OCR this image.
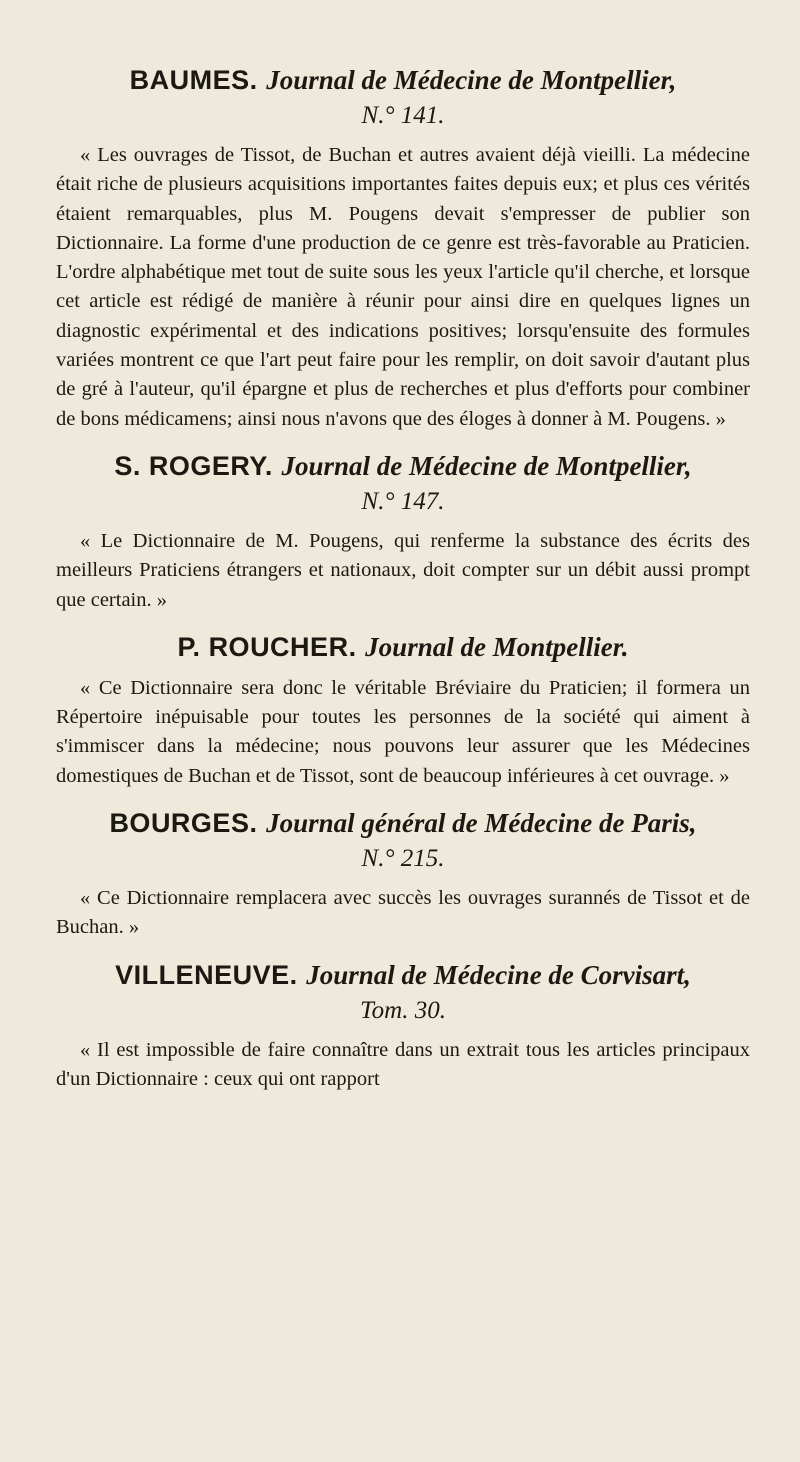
BAUMES. Journal de Médecine de Montpellier,

N.° 141.

« Les ouvrages de Tissot, de Buchan et autres avaient déjà vieilli. La médecine était riche de plusieurs acquisitions importantes faites depuis eux; et plus ces vérités étaient remarquables, plus M. Pougens devait s'empresser de publier son Dictionnaire. La forme d'une production de ce genre est très-favorable au Praticien. L'ordre alphabétique met tout de suite sous les yeux l'article qu'il cherche, et lorsque cet article est rédigé de manière à réunir pour ainsi dire en quelques lignes un diagnostic expérimental et des indications positives; lorsqu'ensuite des formules variées montrent ce que l'art peut faire pour les remplir, on doit savoir d'autant plus de gré à l'auteur, qu'il épargne et plus de recherches et plus d'efforts pour combiner de bons médicamens; ainsi nous n'avons que des éloges à donner à M. Pougens. »

S. ROGERY. Journal de Médecine de Montpellier,

N.° 147.

« Le Dictionnaire de M. Pougens, qui renferme la substance des écrits des meilleurs Praticiens étrangers et nationaux, doit compter sur un débit aussi prompt que certain. »

P. ROUCHER. Journal de Montpellier.

« Ce Dictionnaire sera donc le véritable Bréviaire du Praticien; il formera un Répertoire inépuisable pour toutes les personnes de la société qui aiment à s'immiscer dans la médecine; nous pouvons leur assurer que les Médecines domestiques de Buchan et de Tissot, sont de beaucoup inférieures à cet ouvrage. »

BOURGES. Journal général de Médecine de Paris,

N.° 215.

« Ce Dictionnaire remplacera avec succès les ouvrages surannés de Tissot et de Buchan. »

VILLENEUVE. Journal de Médecine de Corvisart,

Tom. 30.

« Il est impossible de faire connaître dans un extrait tous les articles principaux d'un Dictionnaire : ceux qui ont rapport
